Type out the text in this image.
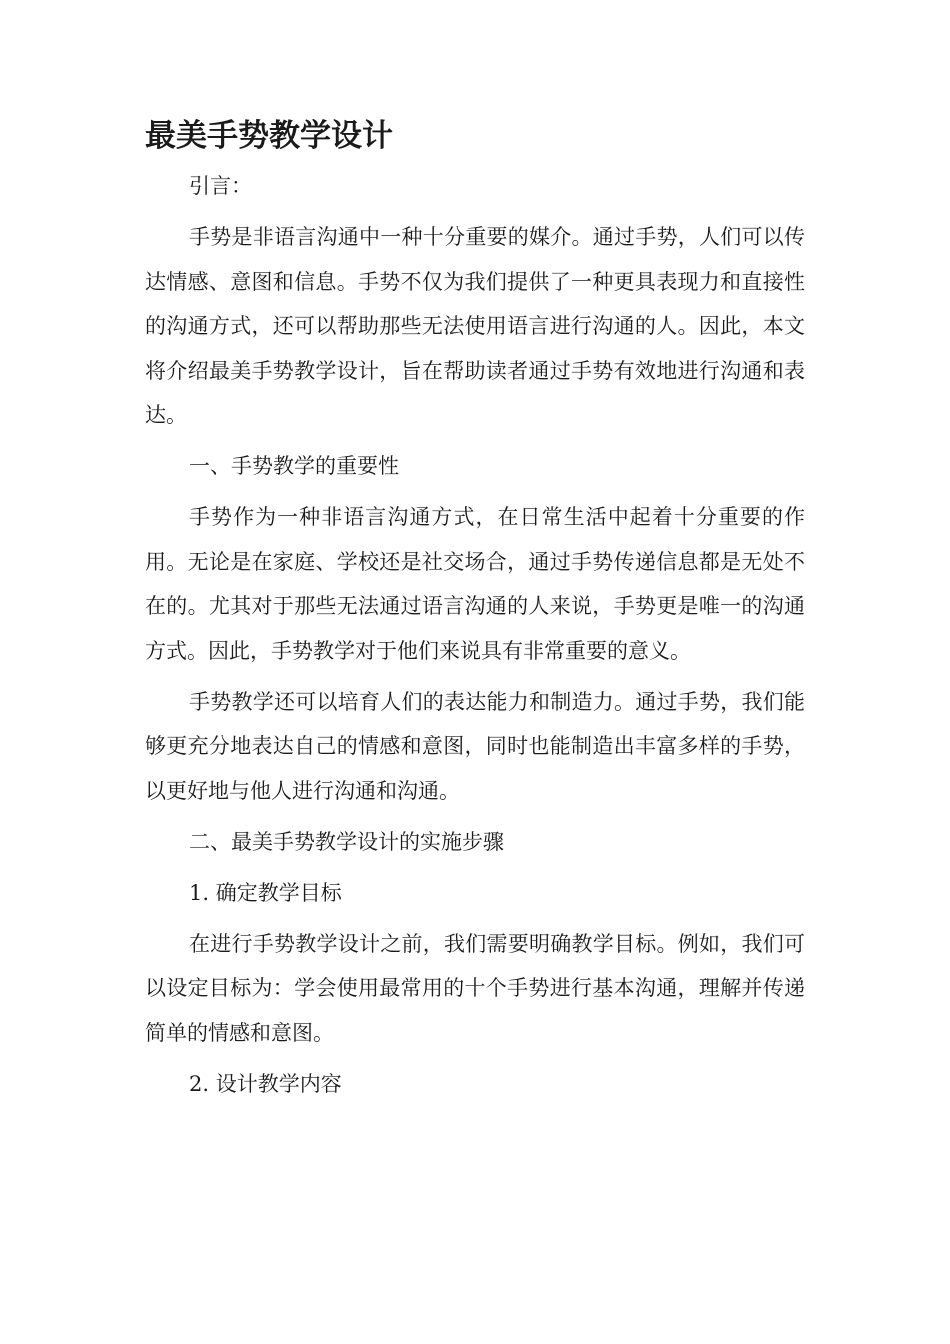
最美手势教学设计

引言：

手势是非语言沟通中一种十分重要的媒介。通过手势，人们可以传达情感、意图和信息。手势不仅为我们提供了一种更具表现力和直接性的沟通方式，还可以帮助那些无法使用语言进行沟通的人。因此，本文将介绍最美手势教学设计，旨在帮助读者通过手势有效地进行沟通和表达。

一、手势教学的重要性

手势作为一种非语言沟通方式，在日常生活中起着十分重要的作用。无论是在家庭、学校还是社交场合，通过手势传递信息都是无处不在的。尤其对于那些无法通过语言沟通的人来说，手势更是唯一的沟通方式。因此，手势教学对于他们来说具有非常重要的意义。

手势教学还可以培育人们的表达能力和制造力。通过手势，我们能够更充分地表达自己的情感和意图，同时也能制造出丰富多样的手势，以更好地与他人进行沟通和沟通。

二、最美手势教学设计的实施步骤

1. 确定教学目标

在进行手势教学设计之前，我们需要明确教学目标。例如，我们可以设定目标为：学会使用最常用的十个手势进行基本沟通，理解并传递简单的情感和意图。

2. 设计教学内容
